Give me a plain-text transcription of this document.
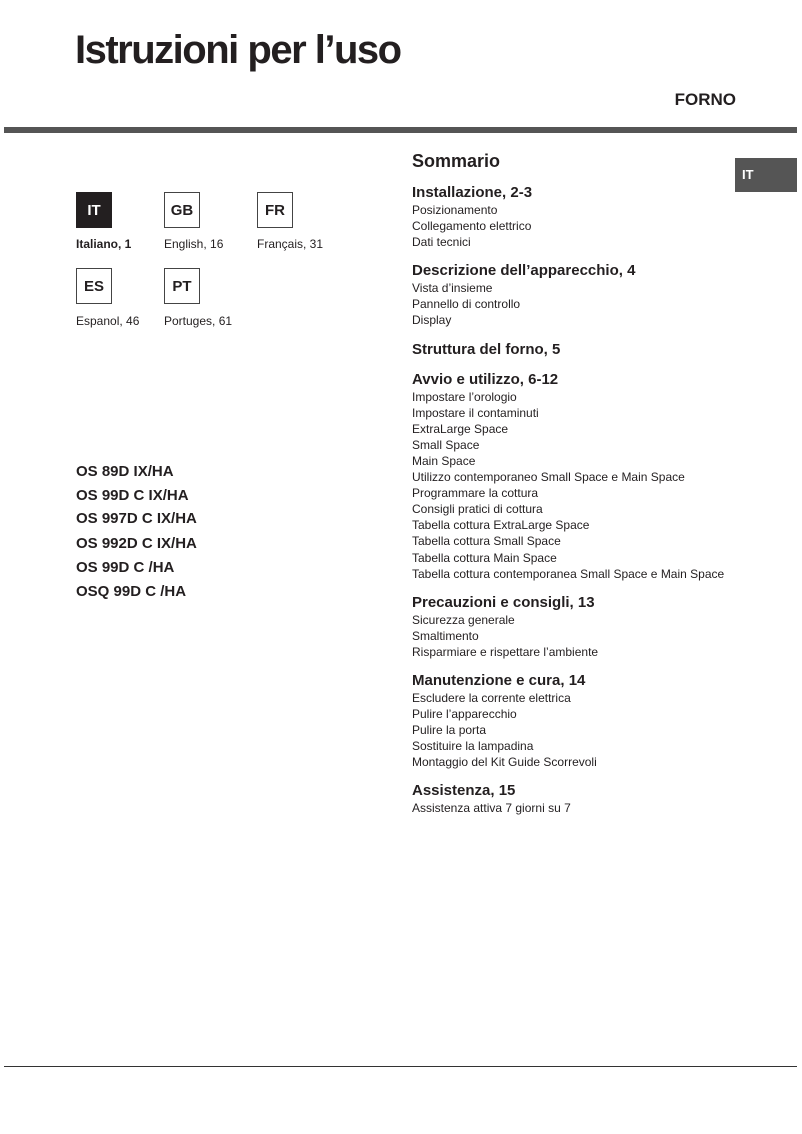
Istruzioni per l’uso
FORNO
IT	GB	FR
Italiano, 1	English, 16	Français, 31
ES	PT
Espanol, 46 Portuges, 61
OS 89D IX/HA
OS 99D C IX/HA
OS 997D C IX/HA
OS 992D C IX/HA
OS 99D C /HA
OSQ 99D C /HA
Sommario
Installazione, 2-3
Posizionamento
Collegamento elettrico
Dati tecnici
Descrizione dell’apparecchio, 4
Vista d’insieme
Pannello di controllo
Display
Struttura del forno, 5
Avvio e utilizzo, 6-12
Impostare l’orologio
Impostare il contaminuti
ExtraLarge Space
Small Space
Main Space
Utilizzo contemporaneo Small Space e Main Space
Programmare la cottura
Consigli pratici di cottura
Tabella cottura ExtraLarge Space
Tabella cottura Small Space
Tabella cottura Main Space
Tabella cottura contemporanea Small Space e Main Space
Precauzioni e consigli, 13
Sicurezza generale
Smaltimento
Risparmiare e rispettare l’ambiente
Manutenzione e cura, 14
Escludere la corrente elettrica
Pulire l’apparecchio
Pulire la porta
Sostituire la lampadina
Montaggio del Kit Guide Scorrevoli
Assistenza, 15
Assistenza attiva 7 giorni su 7
IT
